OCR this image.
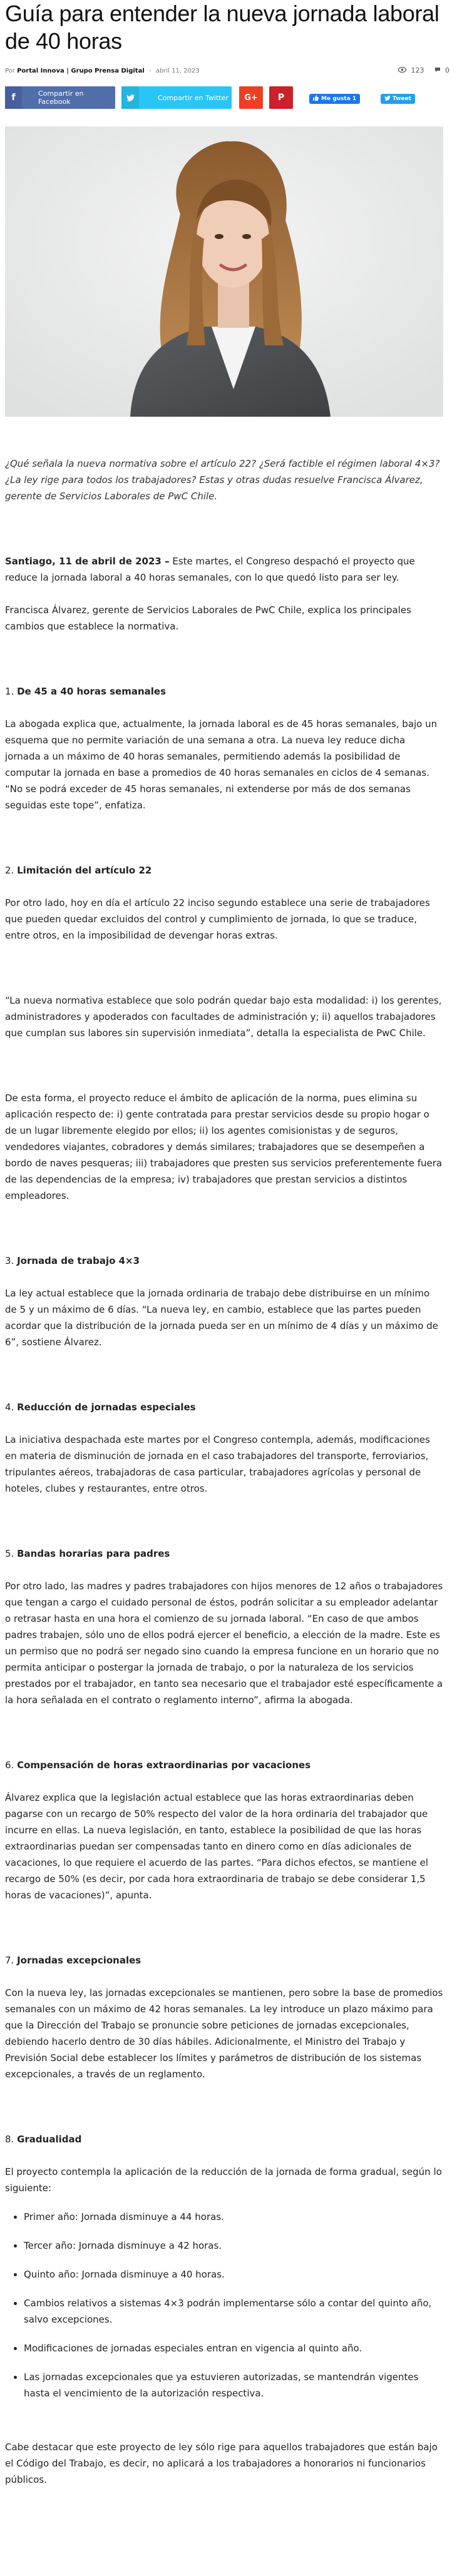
Guía para entender la nueva jornada laboral de 40 horas
Por Portal Innova | Grupo Prensa Digital - abril 11, 2023	123	0
f	Compartir en Facebook	Compartir en Twitter G+ P	Me gusta 1	Tweet

¿Qué señala la nueva normativa sobre el artículo 22? ¿Será factible el régimen laboral 4×3? ¿La ley rige para todos los trabajadores? Estas y otras dudas resuelve Francisca Álvarez, gerente de Servicios Laborales de PwC Chile.

Santiago, 11 de abril de 2023 – Este martes, el Congreso despachó el proyecto que reduce la jornada laboral a 40 horas semanales, con lo que quedó listo para ser ley.

Francisca Álvarez, gerente de Servicios Laborales de PwC Chile, explica los principales cambios que establece la normativa.

1. De 45 a 40 horas semanales

La abogada explica que, actualmente, la jornada laboral es de 45 horas semanales, bajo un esquema que no permite variación de una semana a otra. La nueva ley reduce dicha jornada a un máximo de 40 horas semanales, permitiendo además la posibilidad de computar la jornada en base a promedios de 40 horas semanales en ciclos de 4 semanas. “No se podrá exceder de 45 horas semanales, ni extenderse por más de dos semanas seguidas este tope”, enfatiza.

2. Limitación del artículo 22

Por otro lado, hoy en día el artículo 22 inciso segundo establece una serie de trabajadores que pueden quedar excluidos del control y cumplimiento de jornada, lo que se traduce, entre otros, en la imposibilidad de devengar horas extras.

“La nueva normativa establece que solo podrán quedar bajo esta modalidad: i) los gerentes, administradores y apoderados con facultades de administración y; ii) aquellos trabajadores que cumplan sus labores sin supervisión inmediata”, detalla la especialista de PwC Chile.

De esta forma, el proyecto reduce el ámbito de aplicación de la norma, pues elimina su aplicación respecto de: i) gente contratada para prestar servicios desde su propio hogar o de un lugar libremente elegido por ellos; ii) los agentes comisionistas y de seguros, vendedores viajantes, cobradores y demás similares; trabajadores que se desempeñen a bordo de naves pesqueras; iii) trabajadores que presten sus servicios preferentemente fuera de las dependencias de la empresa; iv) trabajadores que prestan servicios a distintos empleadores.

3. Jornada de trabajo 4×3

La ley actual establece que la jornada ordinaria de trabajo debe distribuirse en un mínimo de 5 y un máximo de 6 días. “La nueva ley, en cambio, establece que las partes pueden acordar que la distribución de la jornada pueda ser en un mínimo de 4 días y un máximo de 6”, sostiene Álvarez.

4. Reducción de jornadas especiales

La iniciativa despachada este martes por el Congreso contempla, además, modificaciones en materia de disminución de jornada en el caso trabajadores del transporte, ferroviarios, tripulantes aéreos, trabajadoras de casa particular, trabajadores agrícolas y personal de hoteles, clubes y restaurantes, entre otros.

5. Bandas horarias para padres

Por otro lado, las madres y padres trabajadores con hijos menores de 12 años o trabajadores que tengan a cargo el cuidado personal de éstos, podrán solicitar a su empleador adelantar o retrasar hasta en una hora el comienzo de su jornada laboral. “En caso de que ambos padres trabajen, sólo uno de ellos podrá ejercer el beneficio, a elección de la madre. Este es un permiso que no podrá ser negado sino cuando la empresa funcione en un horario que no permita anticipar o postergar la jornada de trabajo, o por la naturaleza de los servicios prestados por el trabajador, en tanto sea necesario que el trabajador esté específicamente a la hora señalada en el contrato o reglamento interno”, afirma la abogada.

6. Compensación de horas extraordinarias por vacaciones

Álvarez explica que la legislación actual establece que las horas extraordinarias deben pagarse con un recargo de 50% respecto del valor de la hora ordinaria del trabajador que incurre en ellas. La nueva legislación, en tanto, establece la posibilidad de que las horas extraordinarias puedan ser compensadas tanto en dinero como en días adicionales de vacaciones, lo que requiere el acuerdo de las partes. “Para dichos efectos, se mantiene el recargo de 50% (es decir, por cada hora extraordinaria de trabajo se debe considerar 1,5 horas de vacaciones)”, apunta.

7. Jornadas excepcionales

Con la nueva ley, las jornadas excepcionales se mantienen, pero sobre la base de promedios semanales con un máximo de 42 horas semanales. La ley introduce un plazo máximo para que la Dirección del Trabajo se pronuncie sobre peticiones de jornadas excepcionales, debiendo hacerlo dentro de 30 días hábiles. Adicionalmente, el Ministro del Trabajo y Previsión Social debe establecer los límites y parámetros de distribución de los sistemas excepcionales, a través de un reglamento.

8. Gradualidad

El proyecto contempla la aplicación de la reducción de la jornada de forma gradual, según lo siguiente:

• Primer año: Jornada disminuye a 44 horas.
• Tercer año: Jornada disminuye a 42 horas.
• Quinto año: Jornada disminuye a 40 horas.
• Cambios relativos a sistemas 4×3 podrán implementarse sólo a contar del quinto año, salvo excepciones.
• Modificaciones de jornadas especiales entran en vigencia al quinto año.
• Las jornadas excepcionales que ya estuvieren autorizadas, se mantendrán vigentes hasta el vencimiento de la autorización respectiva.

Cabe destacar que este proyecto de ley sólo rige para aquellos trabajadores que están bajo el Código del Trabajo, es decir, no aplicará a los trabajadores a honorarios ni funcionarios públicos.
